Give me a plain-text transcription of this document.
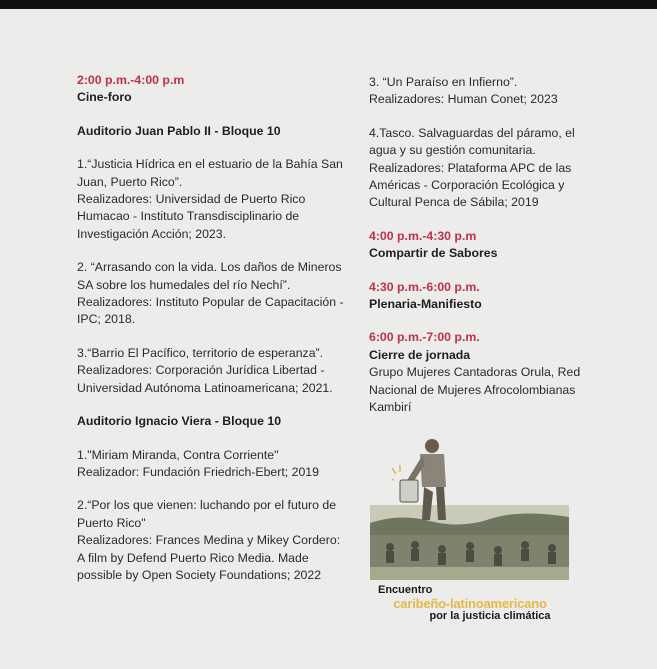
2:00 p.m.-4:00 p.m

Cine-foro

Auditorio Juan Pablo II - Bloque 10

1.“Justicia Hídrica en el estuario de la Bahía San
Juan, Puerto Rico”.
Realizadores: Universidad de Puerto Rico
Humacao - Instituto Transdisciplinario de
Investigación Acción; 2023.
2. “Arrasando con la vida. Los daños de Mineros
SA sobre los humedales del río Nechí”.
Realizadores: Instituto Popular de Capacitación -
IPC; 2018.
3.“Barrio El Pacífico, territorio de esperanza”.
Realizadores: Corporación Jurídica Libertad -
Universidad Autónoma Latinoamericana; 2021.

Auditorio Ignacio Viera - Bloque 10

1."Miriam Miranda, Contra Corriente"
Realizador: Fundación Friedrich-Ebert; 2019
2.“Por los que vienen: luchando por el futuro de
Puerto Rico"
Realizadores: Frances Medina y Mikey Cordero:
A film by Defend Puerto Rico Media. Made
possible by Open Society Foundations; 2022
3. “Un Paraíso en Infierno”.
Realizadores: Human Conet; 2023
4.Tasco. Salvaguardas del páramo, el
agua y su gestión comunitaria.
Realizadores: Plataforma APC de las
Américas - Corporación Ecológica y
Cultural Penca de Sábila; 2019

4:00 p.m.-4:30 p.m

Compartir de Sabores

4:30 p.m.-6:00 p.m.

Plenaria-Manifiesto

6:00 p.m.-7:00 p.m.

Cierre de jornada

Grupo Mujeres Cantadoras Orula, Red
Nacional de Mujeres Afrocolombianas
Kambirí
Encuentro
caribeño-latinoamericano
por la justicia climática
